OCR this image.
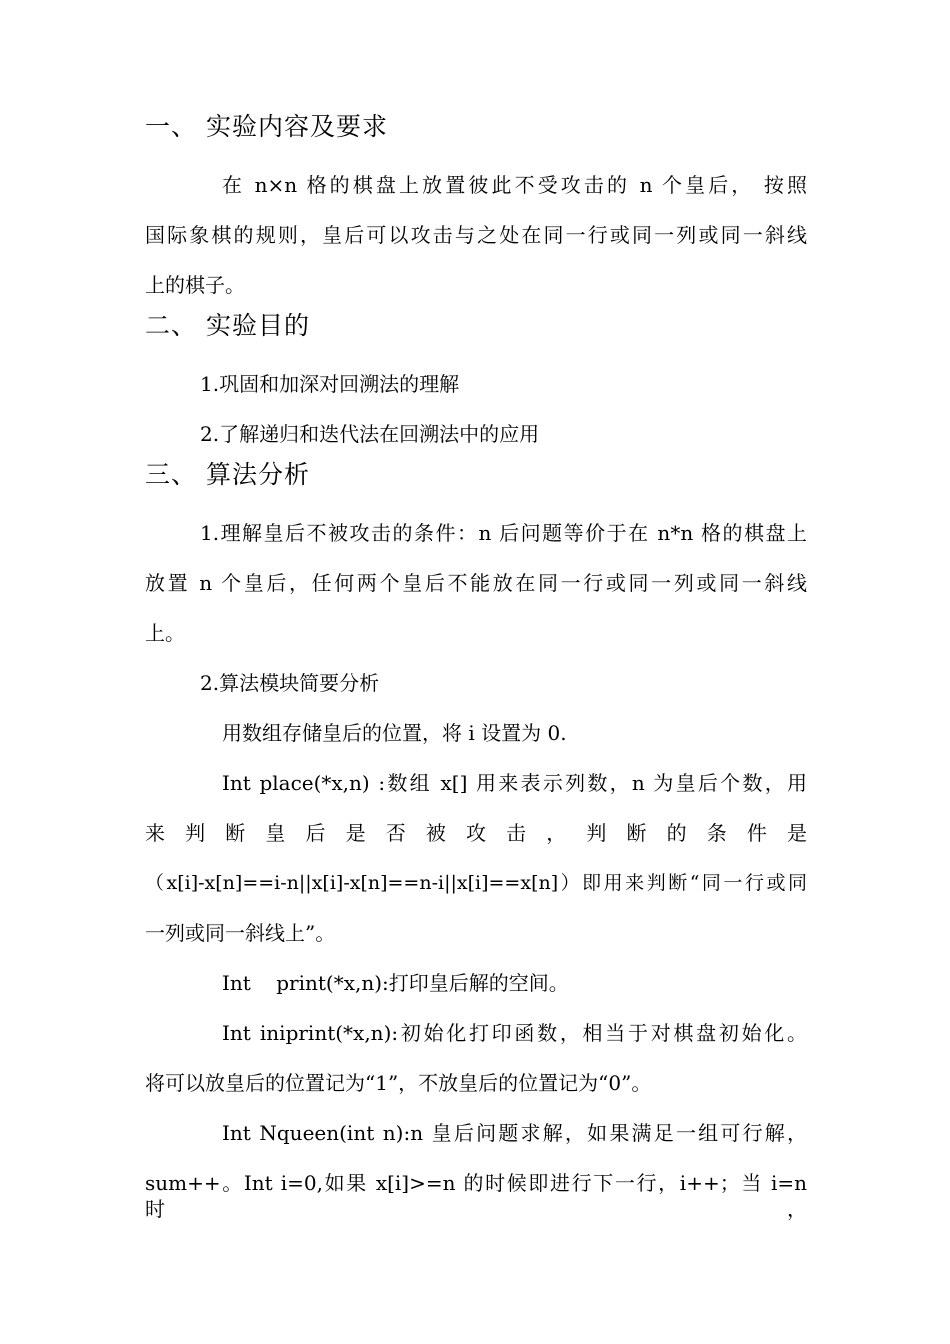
一、 实验内容及要求
在 n×n 格的棋盘上放置彼此不受攻击的 n 个皇后， 按照
国际象棋的规则，皇后可以攻击与之处在同一行或同一列或同一斜线
上的棋子。
二、 实验目的
1.巩固和加深对回溯法的理解
2.了解递归和迭代法在回溯法中的应用
三、 算法分析
1.理解皇后不被攻击的条件：n 后问题等价于在 n*n 格的棋盘上
放置 n 个皇后，任何两个皇后不能放在同一行或同一列或同一斜线
上。
2.算法模块简要分析
用数组存储皇后的位置，将 i 设置为 0.
Int place(*x,n) :数组 x[] 用来表示列数，n 为皇后个数，用
来 判 断 皇 后 是 否 被 攻 击 ， 判 断 的 条 件 是
（x[i]-x[n]==i-n||x[i]-x[n]==n-i||x[i]==x[n]）即用来判断“同一行或同
一列或同一斜线上”。
Int    print(*x,n):打印皇后解的空间。
Int iniprint(*x,n):初始化打印函数，相当于对棋盘初始化。
将可以放皇后的位置记为“1”，不放皇后的位置记为“0”。
Int Nqueen(int n):n 皇后问题求解，如果满足一组可行解，
sum++。Int i=0,如果 x[i]>=n 的时候即进行下一行，i++；当 i=n 时，
